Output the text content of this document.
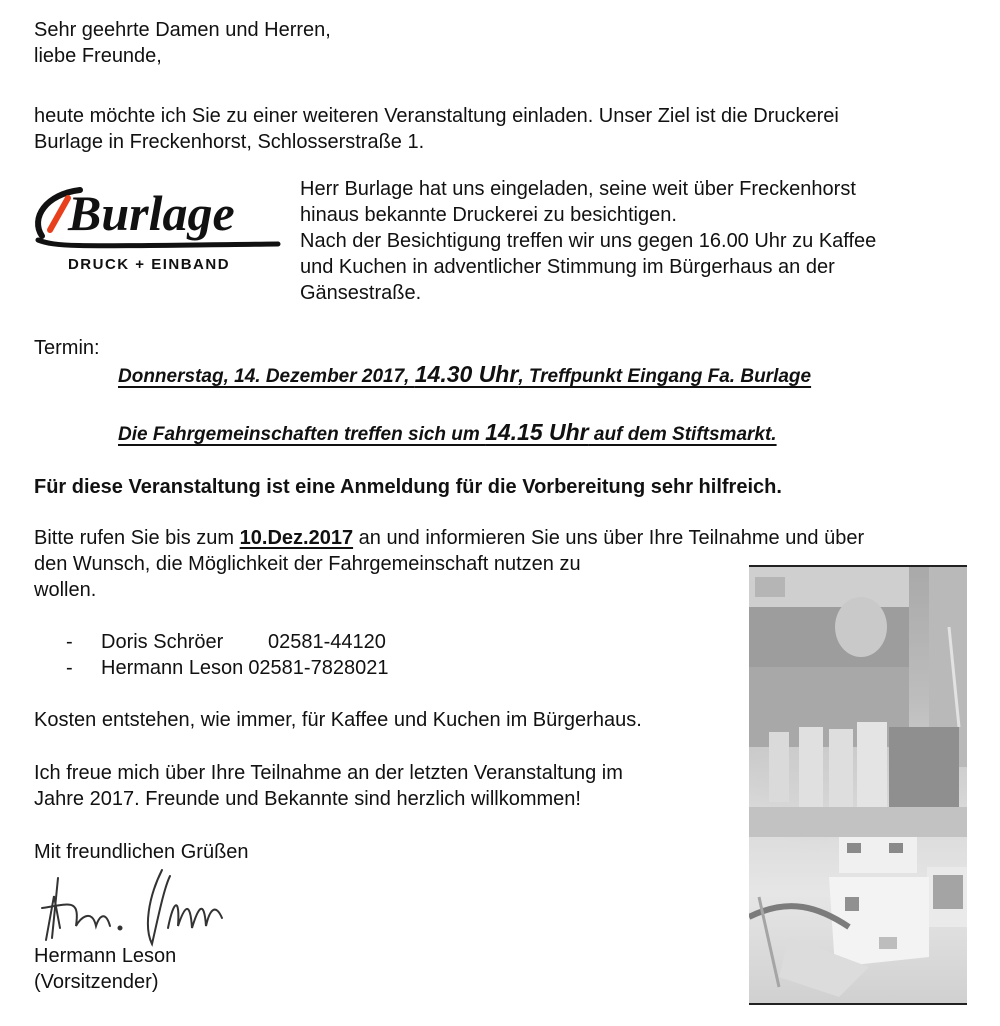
Sehr geehrte Damen und Herren,
liebe Freunde,
heute möchte ich Sie zu einer weiteren Veranstaltung einladen. Unser Ziel ist die Druckerei
Burlage in Freckenhorst, Schlosserstraße 1.
Burlage
DRUCK + EINBAND
Herr Burlage hat uns eingeladen, seine weit über Freckenhorst
hinaus bekannte Druckerei zu besichtigen.
Nach der Besichtigung treffen wir uns gegen 16.00 Uhr zu Kaffee
und Kuchen in adventlicher Stimmung im Bürgerhaus an der
Gänsestraße.
Termin:
Donnerstag, 14. Dezember 2017, 14.30 Uhr, Treffpunkt Eingang Fa. Burlage
Die Fahrgemeinschaften treffen sich um 14.15 Uhr auf dem Stiftsmarkt.
Für diese Veranstaltung ist eine Anmeldung für die Vorbereitung sehr hilfreich.
Bitte rufen Sie bis zum 10.Dez.2017 an und informieren Sie uns über Ihre Teilnahme und über
den Wunsch, die Möglichkeit der Fahrgemeinschaft nutzen zu
wollen.
-	Doris Schröer	02581-44120
-	Hermann Leson 02581-7828021
Kosten entstehen, wie immer, für Kaffee und Kuchen im Bürgerhaus.
Ich freue mich über Ihre Teilnahme an der letzten Veranstaltung im
Jahre 2017. Freunde und Bekannte sind herzlich willkommen!
Mit freundlichen Grüßen
Hermann Leson
(Vorsitzender)
